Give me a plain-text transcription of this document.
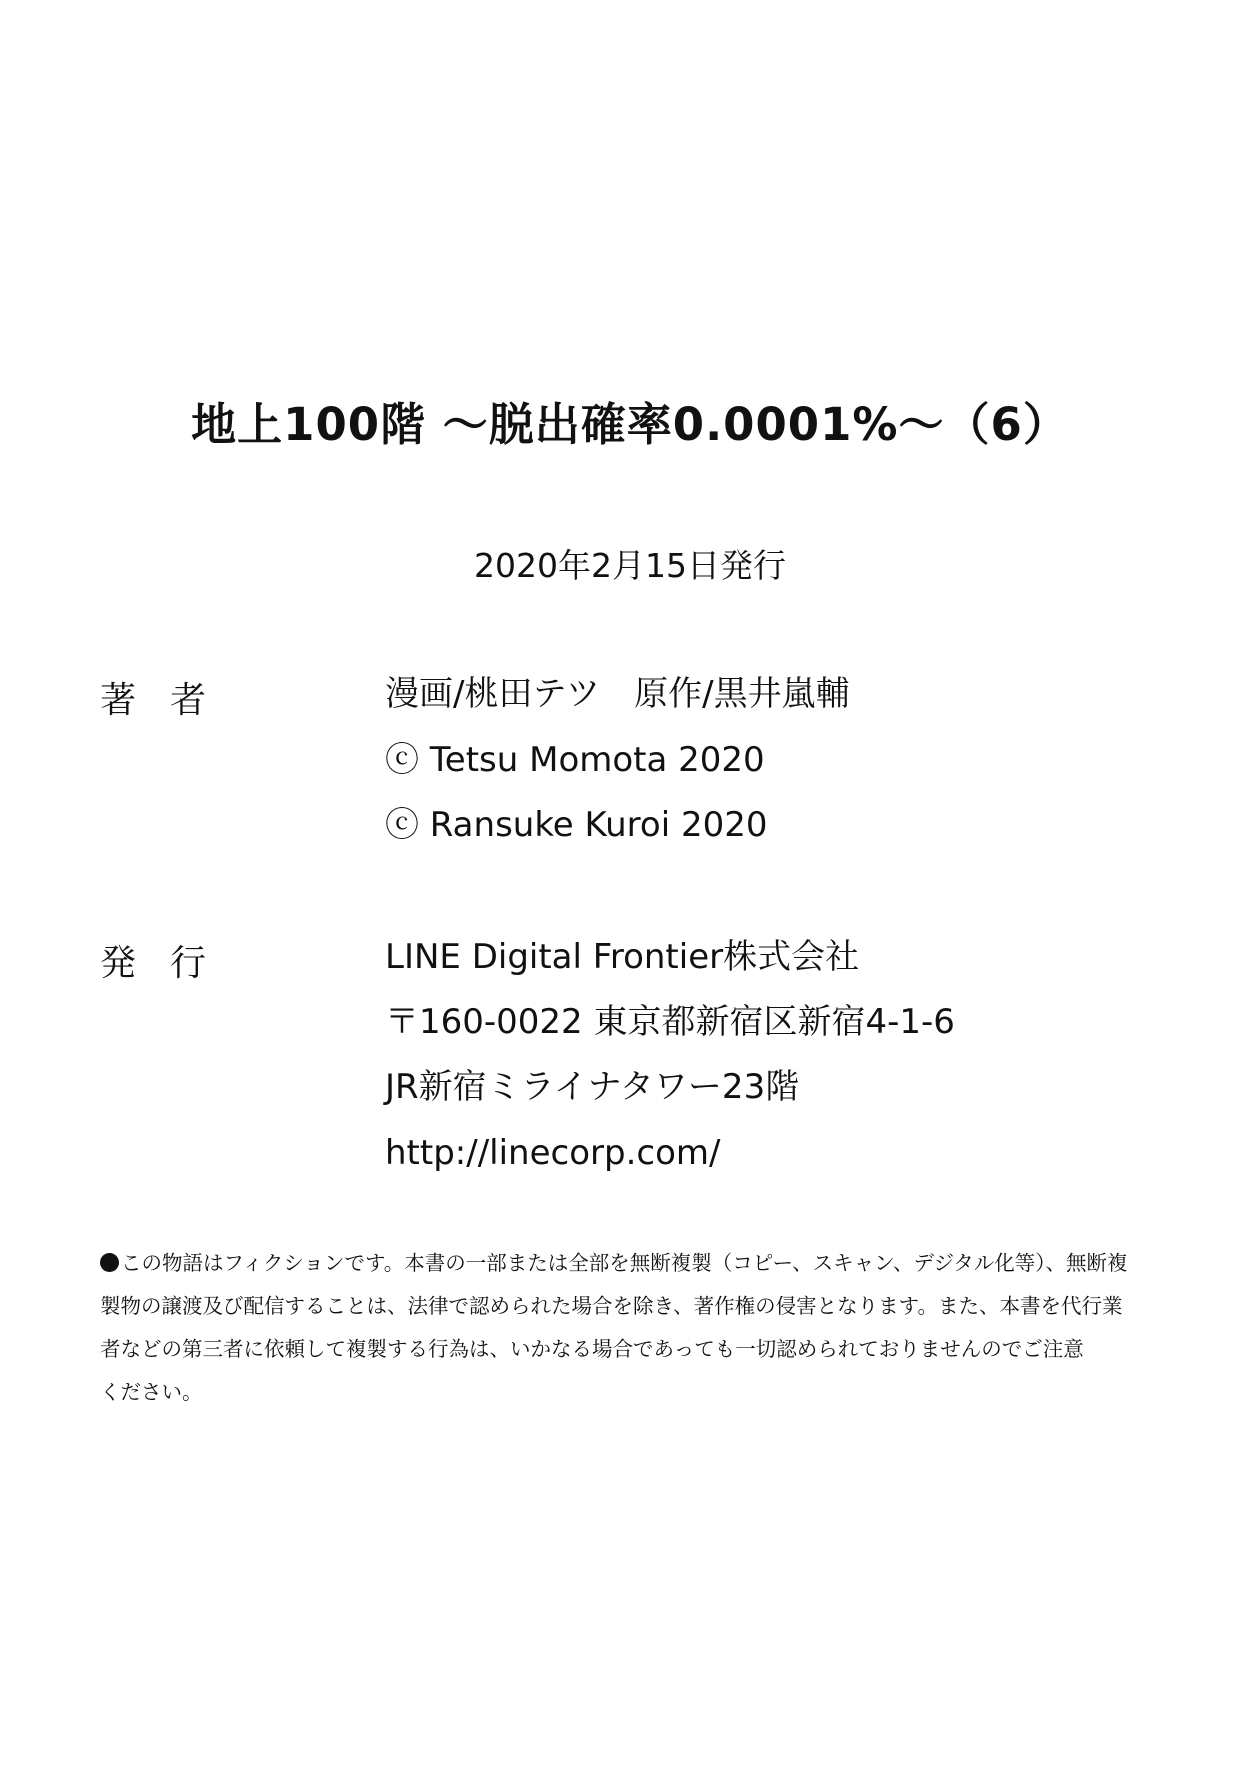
地上100階 ～脱出確率0.0001%～（6）
2020年2月15日発行
著 者	漫画/桃田テツ　原作/黒井嵐輔
ⓒ Tetsu Momota 2020
ⓒ Ransuke Kuroi 2020
発 行	LINE Digital Frontier株式会社
〒160-0022 東京都新宿区新宿4-1-6
JR新宿ミライナタワー23階
http://linecorp.com/
この物語はフィクションです。本書の一部または全部を無断複製（コピー、スキャン、デジタル化等）、無断複
製物の譲渡及び配信することは、法律で認められた場合を除き、著作権の侵害となります。また、本書を代行業
者などの第三者に依頼して複製する行為は、いかなる場合であっても一切認められておりませんのでご注意
ください。
